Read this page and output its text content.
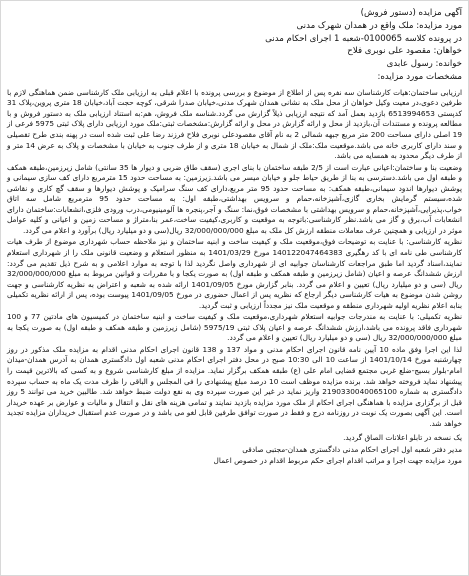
آگهی مزایده (دستور فروش)
مورد مزایده: ملک واقع در همدان شهرک مدنی
در پرونده کلاسه 0100065-شعبه 1 اجرای احکام مدنی
خواهان: مقصود علی نوبری فلاح
خوانده: رسول عابدی
مشخصات مورد مزایده:
ارزیابی ساختمان:هیات کارشناسان سه نفره پس از اطلاع از موضوع و بررسی پرونده با اعلام قبلی به ارزیابی ملک کارشناسی ضمن هماهنگی لازم با طرفین دعوی،در معیت وکیل خواهان از محل ملک به نشانی همدان شهرک مدنی،خیابان صدرا شرقی، کوچه حجت آباد،خیابان 18 متری پروین،پلاک 31 کدپستی 6513994653 بازدید بعمل آمد که نتیجه ارزیابی ذیلاً گزارش می گردد.شناسه ملک فروش، هم:به استناد ارزیابی ملک به دستور فروش و با مطالعه پرونده و مستندات آن،بازدید از محل و ارائه گزارش در محل و ارائه گزارش:مشخصات ثبتی:ملک مورد ارزیابی دارای پلاک ثبتی 5975 فرعی از 19 اصلی دارای مساحت 200 متر مربع جبهه شمالی 2 به نام آقای مقصودعلی نوبری فلاح فرزند رضا علی ثبت شده است در پهنه بندی طرح تفصیلی و سند دارای کاربری خانه می باشد.موقعیت ملک:ملک از شمال به خیابان 18 متری و از طرف جنوب به خیابان با مشخصات و پلاک به عرض 14 متر و از طرف دیگر محدود به همسایه می باشد.
وضعیت بنا و ساختمان:اعیانی عبارت است از 2/5 طبقه ساختمان با بنای اجری (سقف طاق ضربی و دیوار ها 35 سانتی) شامل زیرزمین،طبقه همکف و طبقه اول می باشد.دسترسی به بنا از طریق حیاط جلو و خیابان میسر می باشد.زیرزمین: به مساحت حدود 15 مترمربع دارای کف سازی سیمانی و پوشش دیوارها اندود سیمانی،طبقه همکف: به مساحت حدود 95 متر مربع،دارای کف سنگ سرامیک و پوشش دیوارها و سقف گچ کاری و نقاشی شده،سیستم گرمایش بخاری گازی،آشپزخانه،حمام و سرویس بهداشتی،طبقه اول: به مساحت حدود 95 مترمربع شامل سه اتاق خواب،پذیرایی،آشپزخانه،حمام و سرویس بهداشتی با مشخصات فوق،نما: سنگ و آجر،پنجره ها آلومینیومی،درب ورودی فلزی،انشعابات:ساختمان دارای انشعابات آب،برق و گاز می باشد.نظر کارشناسی:باتوجه به موقعیت و کاربری،کیفیت ساخت،عمر بنا،متراژ و مساحت زمین و اعیانی و کلیه عوامل موثر در ارزیابی و همچنین عرف معاملات منطقه ارزش کل ملک به مبلغ 32/000/000/000 ریال(سی و دو میلیارد ریال) برآورد و اعلام می گردد.
نظریه کارشناسی: با عنایت به توضیحات فوق،موقعیت ملک و کیفیت ساخت و ابنیه ساختمان و نیز ملاحظه حساب شهرداری موضوع از طرف هیات کارشناسی طی نامه ای با کد رهگیری 140122047464383 مورخ 1401/03/29 به منظور استعلام و وضعیت قانونی ملک را از شهرداری استعلام نمایند،اسناد گردید اما طبق مراجعات کارشناسان جوابیه ای از شهرداری واصل نگردید لذا با توجه به موارد اعلامی و به شرح ذیل تقدیم می گردد: ارزش ششدانگ عرصه و اعیان (شامل زیرزمین و طبقه همکف و طبقه اول) به صورت یکجا و با مقررات و قوانین مربوط به مبلغ 32/000/000/000 ریال (سی و دو میلیارد ریال) تعیین و اعلام می گردد. بنابر گزارش مورخ 1401/09/05 ارائه شده به شعبه و اعتراض به نظریه کارشناسی و جهت روشن شدن موضوع به هیات کارشناسی دیگر ارجاع که نظریه پس از اعمال حضوری در مورخ 1401/09/05 پیوست بوده، پس از ارائه نظریه تکمیلی بنابه اعلام نظریه اولیه شهرداری منطقه و موقعیت ملک نیز مجدداً ارزیابی و ثبت گردید.
نظریه تکمیلی: با عنایت به مندرجات جوابیه استعلام شهرداری،موقعیت ملک و کیفیت ساخت و ابنیه ساختمان در کمیسیون های مادتین 77 و 100 شهرداری فاقد پرونده می باشد،ارزش ششدانگ عرصه و اعیان پلاک ثبتی 5975/19 (شامل زیرزمین و طبقه همکف و طبقه اول) به صورت یکجا به مبلغ 32/000/000/000 ریال (سی و دو میلیارد ریال) تعیین و اعلام می گردد.
لذا این اجرا وفق ماده 10 آیین نامه قانون اجرای احکام مدنی و مواد 137 و 138 قانون اجرای احکام مدنی اقدام به مزایده ملک مذکور در روز چهارشنبه مورخ 1401/10/14 از ساعت 10 الی 10:30 صبح در محل دفتر اجرای احکام مدنی شعبه اول دادگستری همدان به آدرس همدان-میدان امام-بلوار بسیج-ضلع غربی مجتمع قضایی امام علی (ع) طبقه همکف برگزار نماید. مزایده از مبلغ کارشناسی شروع و به کسی که بالاترین قیمت را پیشنهاد نماید فروخته خواهد شد. برنده مزایده موظف است 10 درصد مبلغ پیشنهادی را فی المجلس و الباقی را ظرف مدت یک ماه به حساب سپرده دادگستری به شماره 2190330040065100 واریز نماید در غیر این صورت سپرده وی به نفع دولت ضبط خواهد شد. طالبین خرید می توانند 5 روز قبل از برگزاری مزایده با هماهنگی اجرای احکام از ملک مورد مزایده بازدید نمایند و تمامی هزینه های نقل و انتقال و مالیات و عوارض بر عهده خریدار است. این آگهی بصورت یک نوبت در روزنامه درج و فقط در صورت توافق طرفین قابل لغو می باشد و در صورت عدم استقبال خریداران مزایده تجدید خواهد شد.
یک نسخه در تابلو اعلانات الصاق گردید.
مدیر دفتر شعبه اول اجرای احکام مدنی دادگستری همدان-مجتبی صادقی
مورد مزایده جهت اجرا و مراتب اقدام اجرای حکم مربوط اقدام در خصوص اعمال
